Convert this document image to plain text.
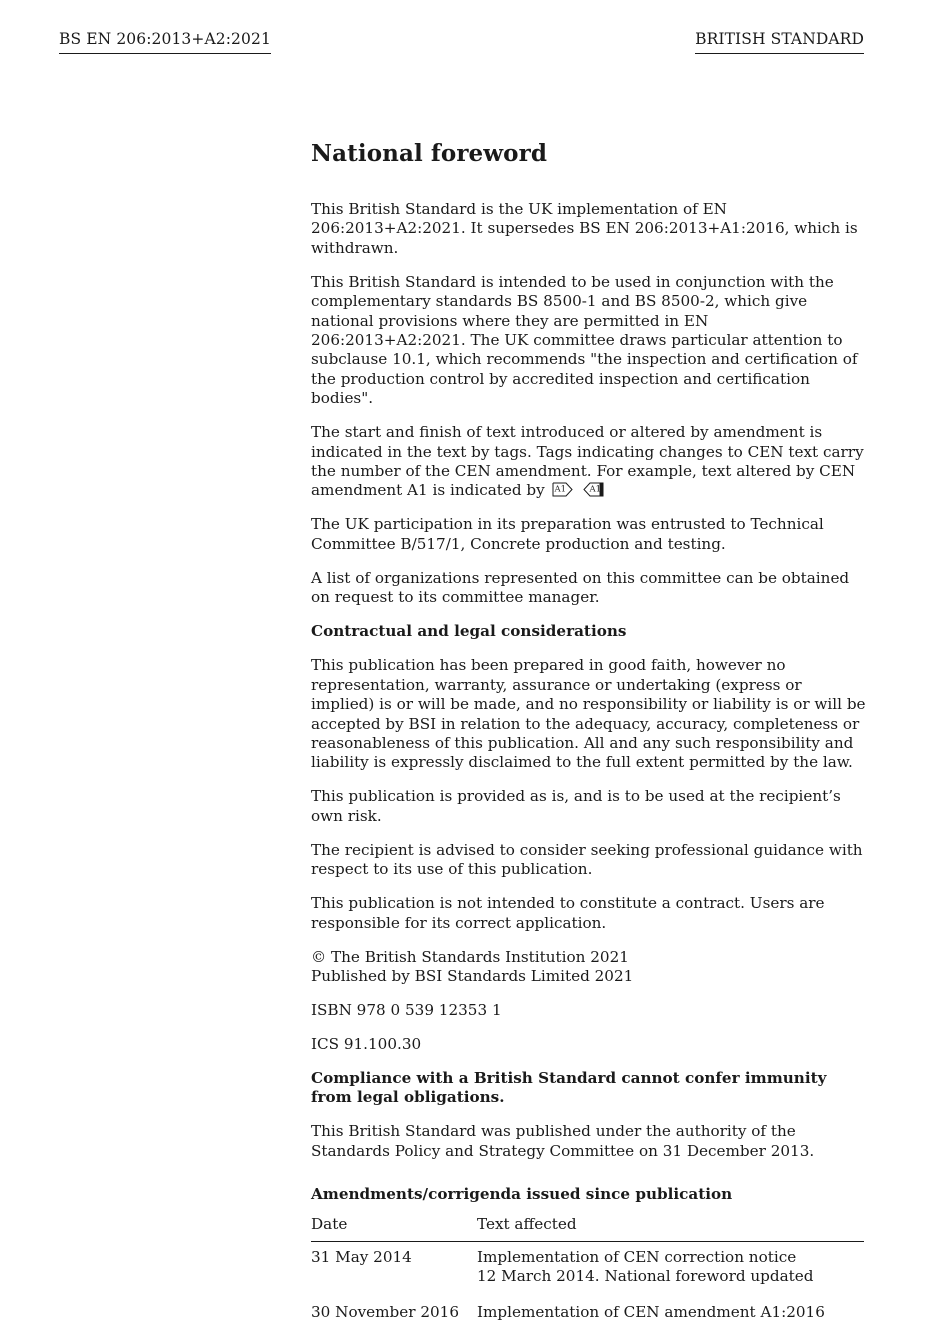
BS EN 206:2013+A2:2021	BRITISH STANDARD
National foreword

This British Standard is the UK implementation of EN 206:2013+A2:2021. It supersedes BS EN 206:2013+A1:2016, which is withdrawn.

This British Standard is intended to be used in conjunction with the complementary standards BS 8500-1 and BS 8500-2, which give national provisions where they are permitted in EN 206:2013+A2:2021. The UK committee draws particular attention to subclause 10.1, which recommends "the inspection and certification of the production control by accredited inspection and certification bodies".

The start and finish of text introduced or altered by amendment is indicated in the text by tags. Tags indicating changes to CEN text carry the number of the CEN amendment. For example, text altered by CEN amendment A1 is indicated by A1
	A1

The UK participation in its preparation was entrusted to Technical Committee B/517/1, Concrete production and testing.

A list of organizations represented on this committee can be obtained on request to its committee manager.

Contractual and legal considerations

This publication has been prepared in good faith, however no representation, warranty, assurance or undertaking (express or implied) is or will be made, and no responsibility or liability is or will be accepted by BSI in relation to the adequacy, accuracy, completeness or reasonableness of this publication. All and any such responsibility and liability is expressly disclaimed to the full extent permitted by the law.

This publication is provided as is, and is to be used at the recipient’s own risk.

The recipient is advised to consider seeking professional guidance with respect to its use of this publication.

This publication is not intended to constitute a contract. Users are responsible for its correct application.

© The British Standards Institution 2021
Published by BSI Standards Limited 2021

ISBN 978 0 539 12353 1

ICS 91.100.30

Compliance with a British Standard cannot confer immunity from legal obligations.

This British Standard was published under the authority of the Standards Policy and Strategy Committee on 31 December 2013.

Amendments/corrigenda issued since publication
Date	Text affected
31 May 2014	Implementation of CEN correction notice
12 March 2014. National foreword updated
30 November 2016	Implementation of CEN amendment A1:2016
